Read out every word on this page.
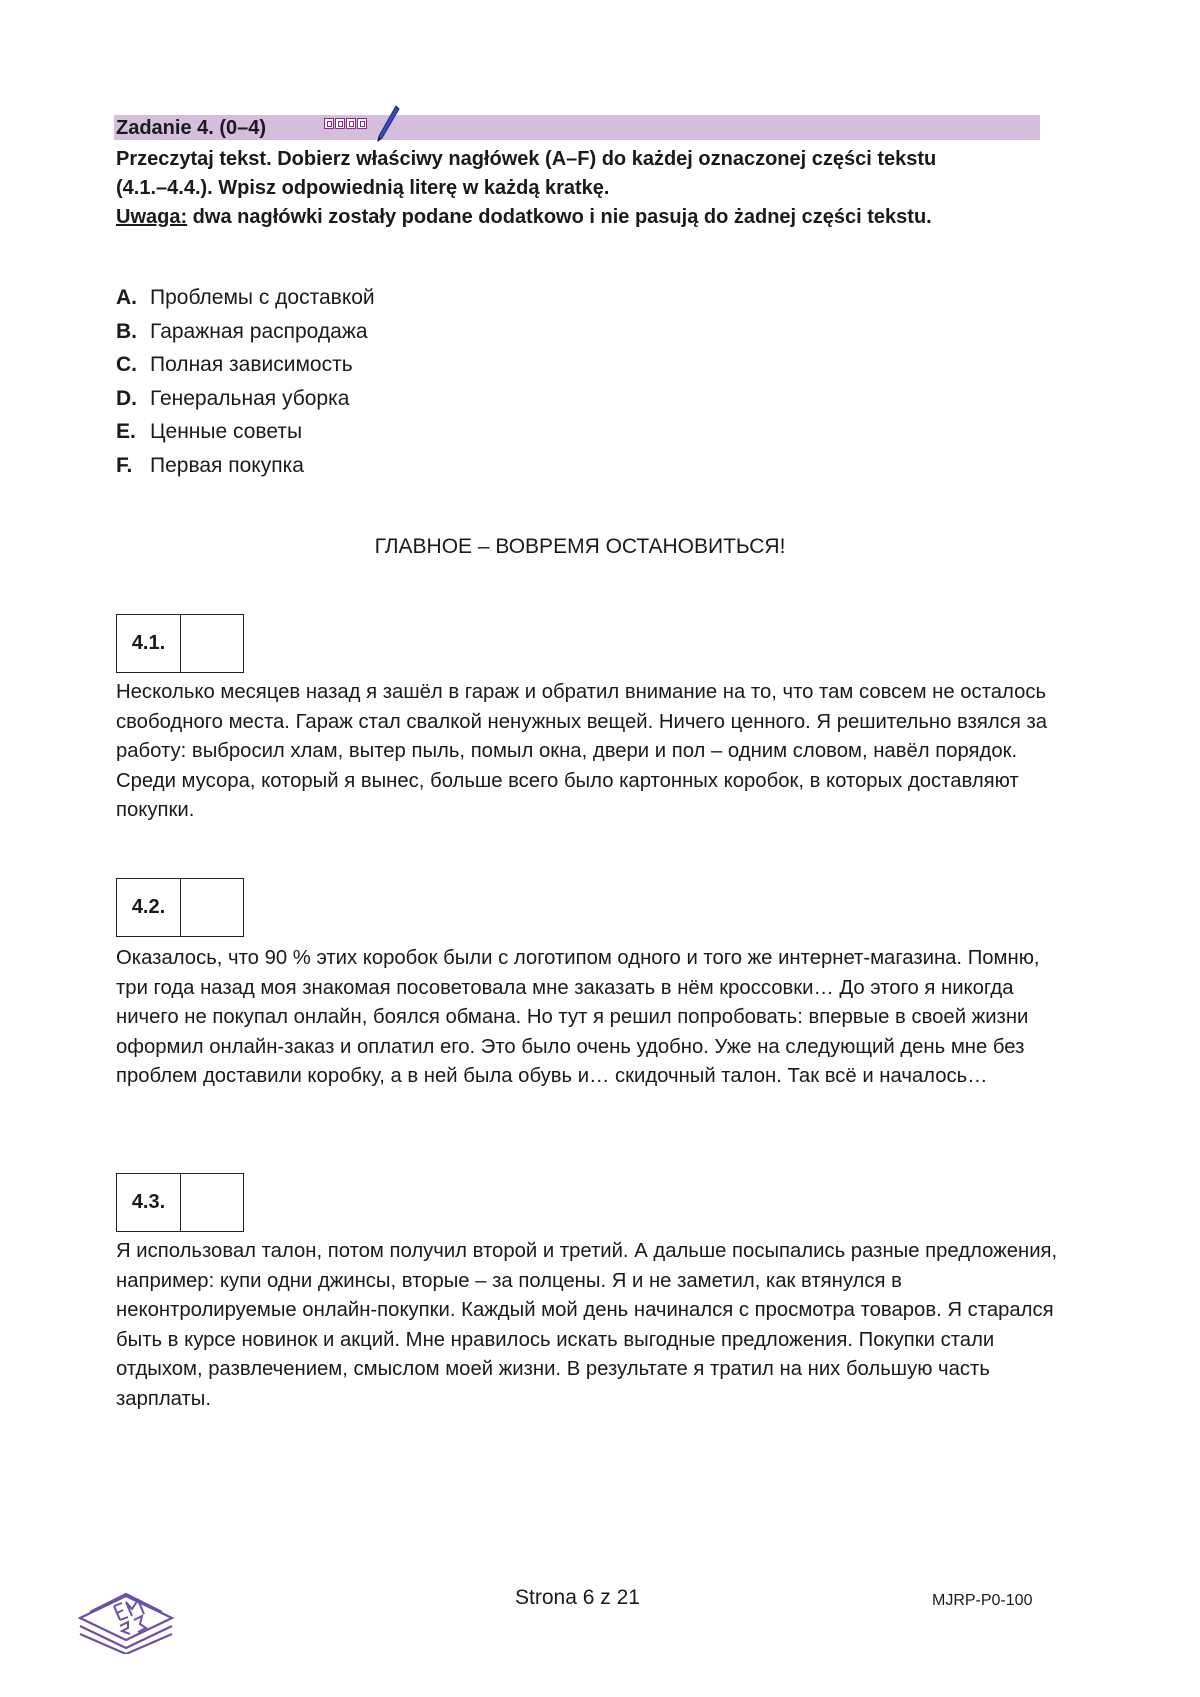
Zadanie 4. (0–4)
Przeczytaj tekst. Dobierz właściwy nagłówek (A–F) do każdej oznaczonej części tekstu
(4.1.–4.4.). Wpisz odpowiednią literę w każdą kratkę.
Uwaga: dwa nagłówki zostały podane dodatkowo i nie pasują do żadnej części tekstu.
A. Проблемы с доставкой
B. Гаражная распродажа
C. Полная зависимость
D. Генеральная уборка
E. Ценные советы
F. Первая покупка
ГЛАВНОЕ – ВОВРЕМЯ ОСТАНОВИТЬСЯ!
4.1.

Несколько месяцев назад я зашёл в гараж и обратил внимание на то, что там совсем не осталось свободного места. Гараж стал свалкой ненужных вещей. Ничего ценного. Я решительно взялся за работу: выбросил хлам, вытер пыль, помыл окна, двери и пол – одним словом, навёл порядок. Среди мусора, который я вынес, больше всего было картонных коробок, в которых доставляют покупки.

4.2.

Оказалось, что 90 % этих коробок были с логотипом одного и того же интернет-магазина. Помню, три года назад моя знакомая посоветовала мне заказать в нём кроссовки… До этого я никогда ничего не покупал онлайн, боялся обмана. Но тут я решил попробовать: впервые в своей жизни оформил онлайн-заказ и оплатил его. Это было очень удобно. Уже на следующий день мне без проблем доставили коробку, а в ней была обувь и… скидочный талон. Так всё и началось…

4.3.

Я использовал талон, потом получил второй и третий. А дальше посыпались разные предложения, например: купи одни джинсы, вторые – за полцены. Я и не заметил, как втянулся в неконтролируемые онлайн-покупки. Каждый мой день начинался с просмотра товаров. Я старался быть в курсе новинок и акций. Мне нравилось искать выгодные предложения. Покупки стали отдыхом, развлечением, смыслом моей жизни. В результате я тратил на них большую часть зарплаты.

Strona 6 z 21	MJRP-P0-100
